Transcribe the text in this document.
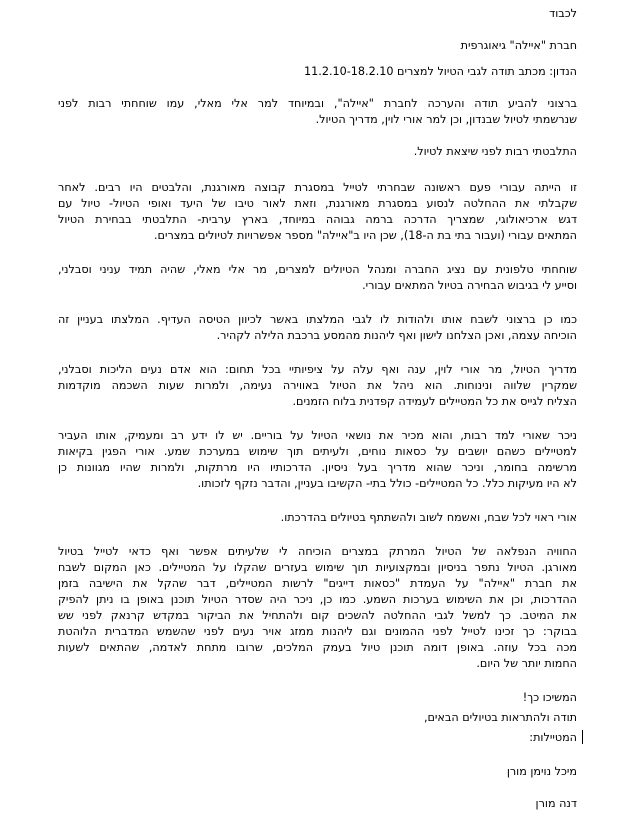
לכבוד
חברת "איילה" גיאוגרפית
הנדון: מכתב תודה לגבי הטיול למצרים 11.2.10-18.2.10
ברצוני להביע תודה והערכה לחברת "איילה", ובמיוחד למר אלי מאלי, עמו שוחחתי רבות לפני
שנרשמתי לטיול שבנדון, וכן למר אורי לוין, מדריך הטיול.
התלבטתי רבות לפני שיצאת לטיול.
זו הייתה עבורי פעם ראשונה שבחרתי לטייל במסגרת קבוצה מאורגנת, והלבטים היו רבים. לאחר
שקבלתי את ההחלטה לנסוע במסגרת מאורגנת, וזאת לאור טיבו של היעד ואופי הטיול- טיול עם
דגש ארכיאולוגי, שמצריך הדרכה ברמה גבוהה במיוחד, בארץ ערבית- התלבטתי בבחירת הטיול
המתאים עבורי (ועבור בתי בת ה-18), שכן היו ב"איילה" מספר אפשרויות לטיולים במצרים.
שוחחתי טלפונית עם נציג החברה ומנהל הטיולים למצרים, מר אלי מאלי, שהיה תמיד עניני וסבלני,
וסייע לי בגיבוש הבחירה בטיול המתאים עבורי.
כמו כן ברצוני לשבח אותו ולהודות לו לגבי המלצתו באשר לכיוון הטיסה העדיף. המלצתו בעניין זה
הוכיחה עצמה, ואכן הצלחנו לישון ואף ליהנות מהמסע ברכבת הלילה לקהיר.
מדריך הטיול, מר אורי לוין, ענה ואף עלה על ציפיותיי בכל תחום: הוא אדם נעים הליכות וסבלני,
שמקרין שלווה ונינוחות. הוא ניהל את הטיול באווירה נעימה, ולמרות שעות השכמה מוקדמות
הצליח לגייס את כל המטיילים לעמידה קפדנית בלוח הזמנים.
ניכר שאורי למד רבות, והוא מכיר את נושאי הטיול על בוריים. יש לו ידע רב ומעמיק, אותו העביר
למטיילים כשהם יושבים על כסאות נוחים, ולעיתים תוך שימוש במערכת שמע. אורי הפגין בקיאות
מרשימה בחומר, וניכר שהוא מדריך בעל ניסיון. הדרכותיו היו מרתקות, ולמרות שהיו מגוונות כן
לא היו מעיקות כלל. כל המטיילים- כולל בתי- הקשיבו בעניין, והדבר נזקף לזכותו.
אורי ראוי לכל שבח, ואשמח לשוב ולהשתתף בטיולים בהדרכתו.
החוויה הנפלאה של הטיול המרתק במצרים הוכיחה לי שלעיתים אפשר ואף כדאי לטייל בטיול
מאורגן. הטיול נתפר בניסיון ובמקצועיות תוך שימוש בעזרים שהקלו על המטיילים. כאן המקום לשבח
את חברת "איילה" על העמדת "כסאות דייגים" לרשות המטיילים, דבר שהקל את הישיבה בזמן
ההדרכות, וכן את השימוש בערכות השמע. כמו כן, ניכר היה שסדר הטיול תוכנן באופן בו ניתן להפיק
את המיטב. כך למשל לגבי ההחלטה להשכים קום ולהתחיל את הביקור במקדש קרנאק לפני שש
בבוקר: כך זכינו לטייל לפני ההמונים וגם ליהנות ממזג אויר נעים לפני שהשמש המדברית הלוהטת
מכה בכל עוזה. באופן דומה תוכנן טיול בעמק המלכים, שרובו מתחת לאדמה, שהתאים לשעות
החמות יותר של היום.
המשיכו כך!
תודה ולהתראות בטיולים הבאים,
המטיילות:
מיכל נוימן מורן
דנה מורן
